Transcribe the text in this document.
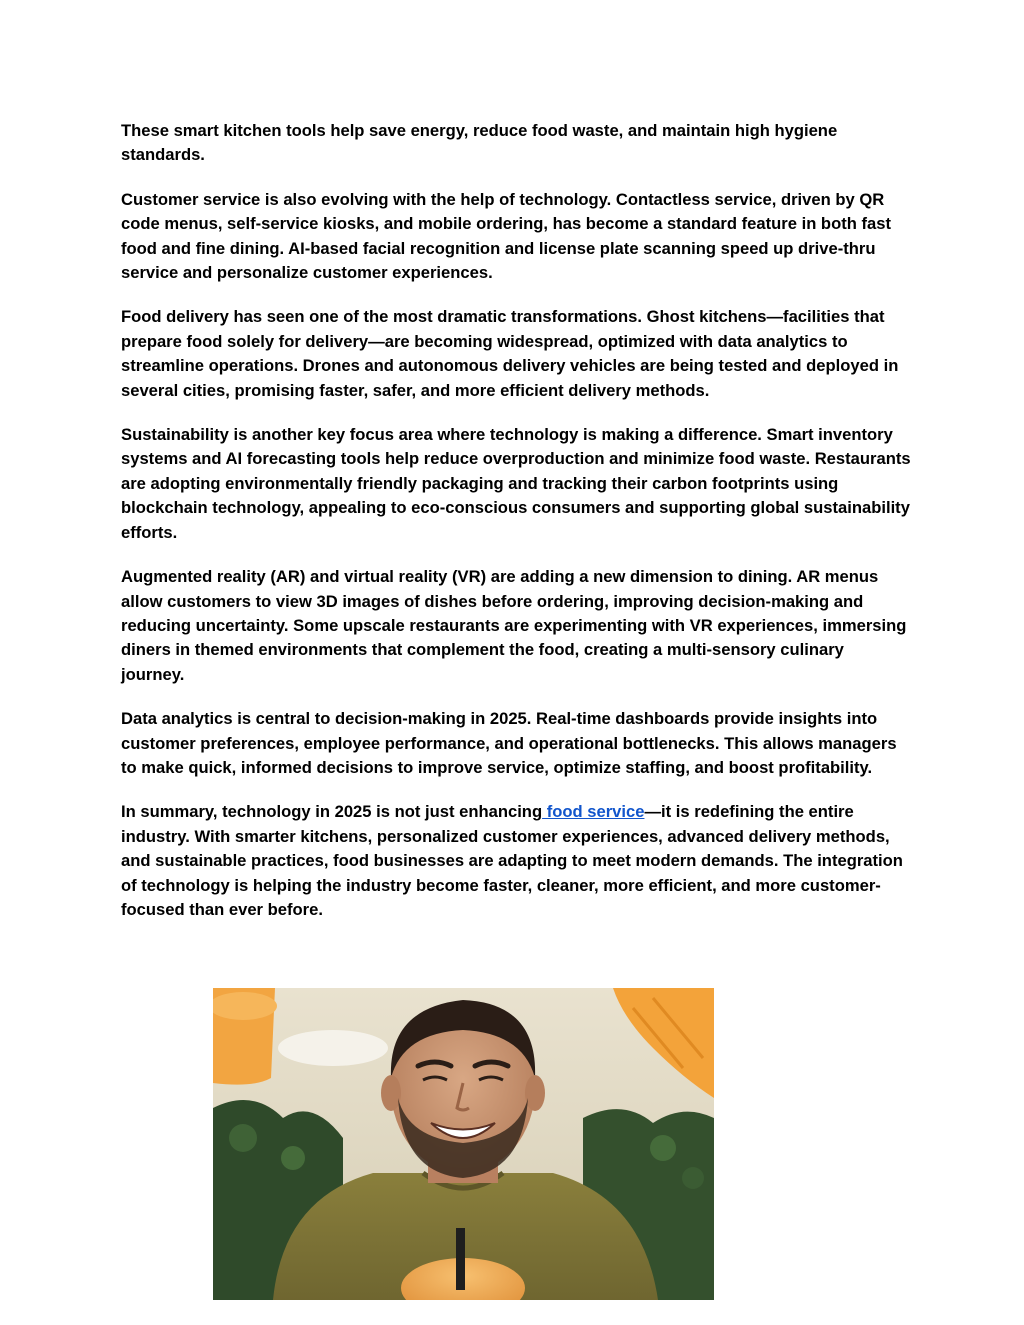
These smart kitchen tools help save energy, reduce food waste, and maintain high hygiene standards.

Customer service is also evolving with the help of technology. Contactless service, driven by QR code menus, self-service kiosks, and mobile ordering, has become a standard feature in both fast food and fine dining. AI-based facial recognition and license plate scanning speed up drive-thru service and personalize customer experiences.

Food delivery has seen one of the most dramatic transformations. Ghost kitchens—facilities that prepare food solely for delivery—are becoming widespread, optimized with data analytics to streamline operations. Drones and autonomous delivery vehicles are being tested and deployed in several cities, promising faster, safer, and more efficient delivery methods.

Sustainability is another key focus area where technology is making a difference. Smart inventory systems and AI forecasting tools help reduce overproduction and minimize food waste. Restaurants are adopting environmentally friendly packaging and tracking their carbon footprints using blockchain technology, appealing to eco-conscious consumers and supporting global sustainability efforts.

Augmented reality (AR) and virtual reality (VR) are adding a new dimension to dining. AR menus allow customers to view 3D images of dishes before ordering, improving decision-making and reducing uncertainty. Some upscale restaurants are experimenting with VR experiences, immersing diners in themed environments that complement the food, creating a multi-sensory culinary journey.

Data analytics is central to decision-making in 2025. Real-time dashboards provide insights into customer preferences, employee performance, and operational bottlenecks. This allows managers to make quick, informed decisions to improve service, optimize staffing, and boost profitability.

In summary, technology in 2025 is not just enhancing food service—it is redefining the entire industry. With smarter kitchens, personalized customer experiences, advanced delivery methods, and sustainable practices, food businesses are adapting to meet modern demands. The integration of technology is helping the industry become faster, cleaner, more efficient, and more customer-focused than ever before.
